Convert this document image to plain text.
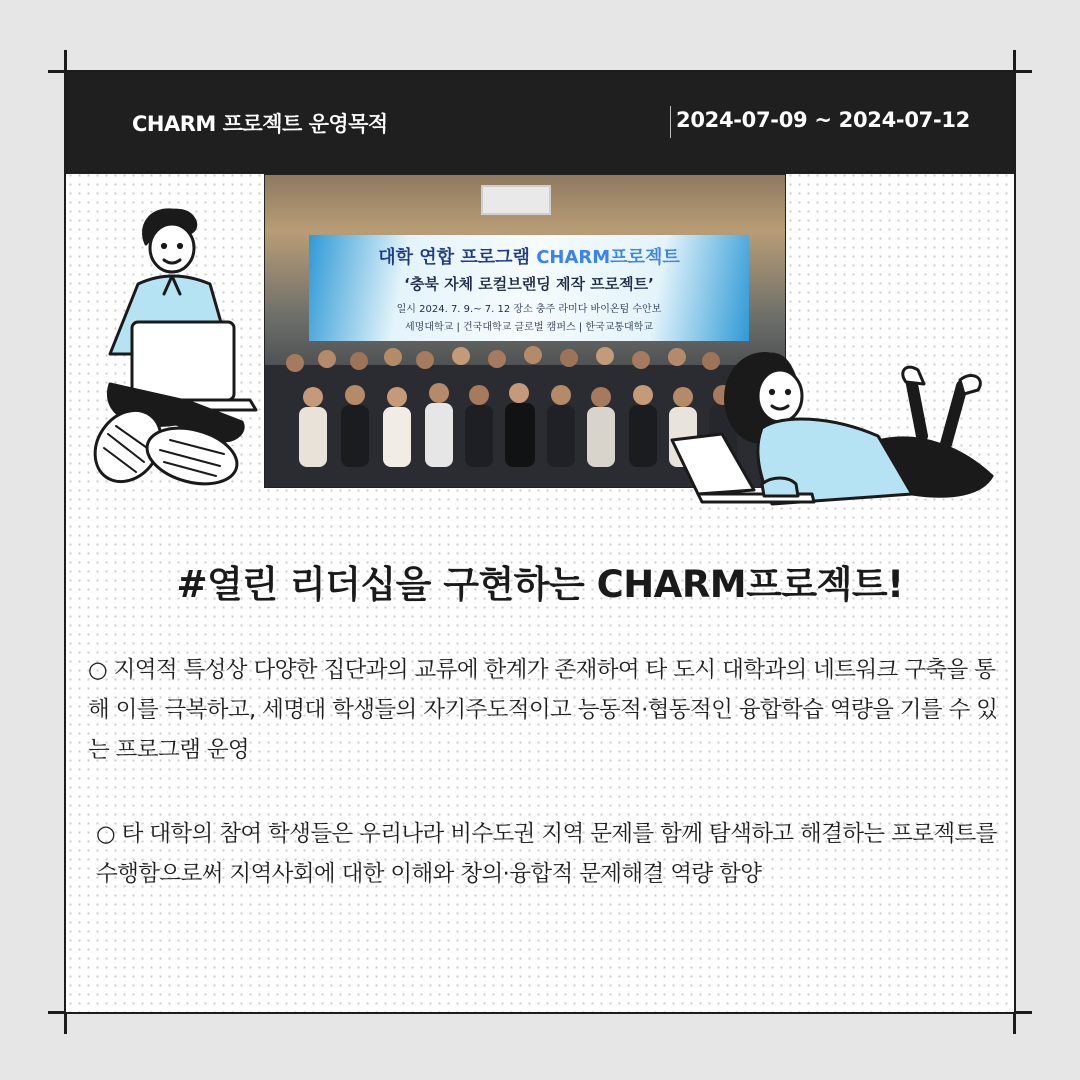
CHARM 프로젝트 운영목적	2024-07-09 ~ 2024-07-12
대학 연합 프로그램 CHARM프로젝트
‘충북 자체 로컬브랜딩 제작 프로젝트’
일시 2024. 7. 9.~ 7. 12 장소 충주 라미다 바이온텀 수안보
세명대학교 | 건국대학교 글로벌 캠퍼스 | 한국교통대학교
#열린 리더십을 구현하는 CHARM프로젝트!
○ 지역적 특성상 다양한 집단과의 교류에 한계가 존재하여 타 도시 대학과의 네트워크 구축을 통해 이를 극복하고, 세명대 학생들의 자기주도적이고 능동적·협동적인 융합학습 역량을 기를 수 있는 프로그램 운영
○ 타 대학의 참여 학생들은 우리나라 비수도권 지역 문제를 함께 탐색하고 해결하는 프로젝트를 수행함으로써 지역사회에 대한 이해와 창의·융합적 문제해결 역량 함양
